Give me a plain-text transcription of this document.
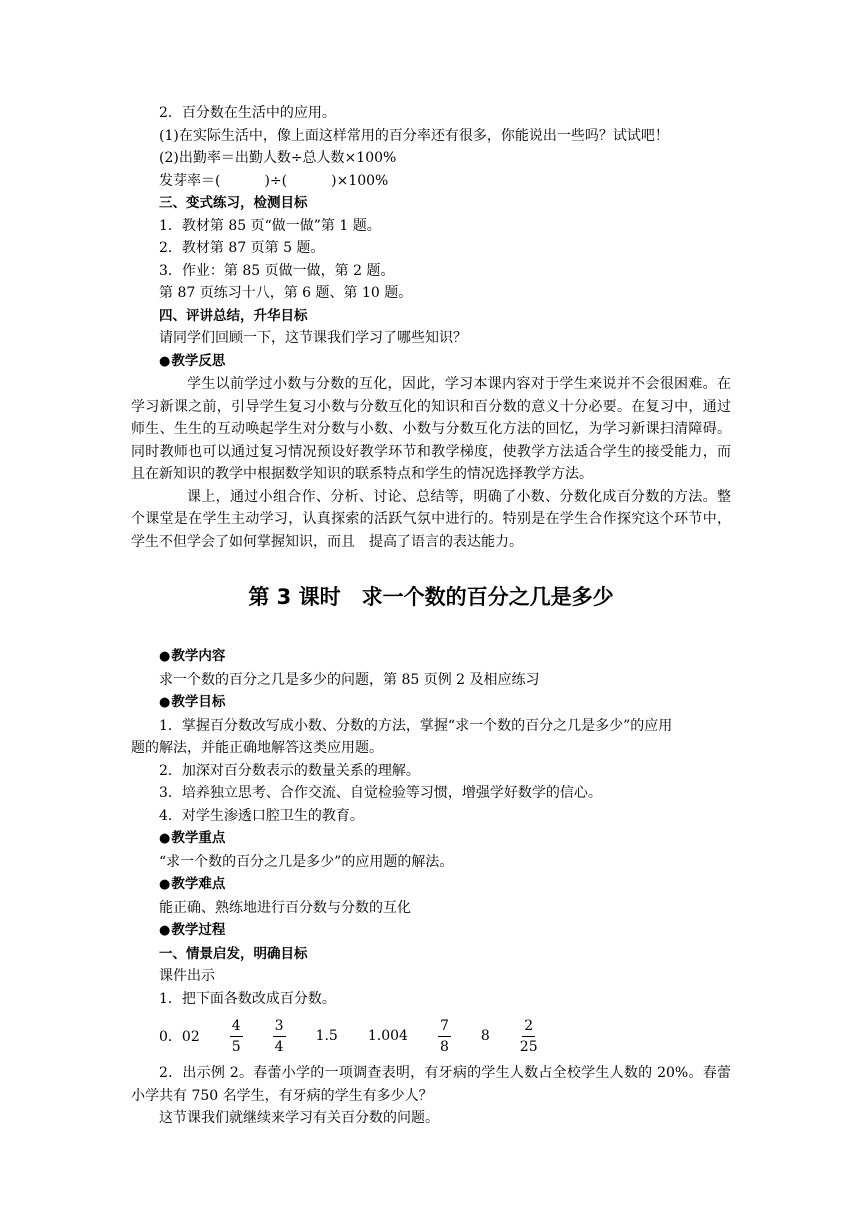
2．百分数在生活中的应用。
(1)在实际生活中，像上面这样常用的百分率还有很多，你能说出一些吗？试试吧！
(2)出勤率＝出勤人数÷总人数×100%
发芽率＝(	)÷(	)×100%
三、变式练习，检测目标
1．教材第 85 页“做一做”第 1 题。
2．教材第 87 页第 5 题。
3．作业：第 85 页做一做，第 2 题。
第 87 页练习十八，第 6 题、第 10 题。
四、评讲总结，升华目标
请同学们回顾一下，这节课我们学习了哪些知识？
●教学反思
学生以前学过小数与分数的互化，因此，学习本课内容对于学生来说并不会很困难。在学习新课之前，引导学生复习小数与分数互化的知识和百分数的意义十分必要。在复习中，通过师生、生生的互动唤起学生对分数与小数、小数与分数互化方法的回忆，为学习新课扫清障碍。同时教师也可以通过复习情况预设好教学环节和教学梯度，使教学方法适合学生的接受能力，而且在新知识的教学中根据数学知识的联系特点和学生的情况选择教学方法。
课上，通过小组合作、分析、讨论、总结等，明确了小数、分数化成百分数的方法。整个课堂是在学生主动学习，认真探索的活跃气氛中进行的。特别是在学生合作探究这个环节中，学生不但学会了如何掌握知识，而且　提高了语言的表达能力。
第 3 课时　求一个数的百分之几是多少
●教学内容
求一个数的百分之几是多少的问题，第 85 页例 2 及相应练习
●教学目标
1．掌握百分数改写成小数、分数的方法，掌握“求一个数的百分之几是多少”的应用
题的解法，并能正确地解答这类应用题。
2．加深对百分数表示的数量关系的理解。
3．培养独立思考、合作交流、自觉检验等习惯，增强学好数学的信心。
4．对学生渗透口腔卫生的教育。
●教学重点
“求一个数的百分之几是多少”的应用题的解法。
●教学难点
能正确、熟练地进行百分数与分数的互化
●教学过程
一、情景启发，明确目标
课件出示
1．把下面各数改成百分数。
0．$02 \frac{4}{5} \frac{3}{4} 1.5$ $1.004 \frac{7}{8} 8 \frac{2}{25}$
2．出示例 2。春蕾小学的一项调查表明，有牙病的学生人数占全校学生人数的 20%。春蕾小学共有 750 名学生，有牙病的学生有多少人？
这节课我们就继续来学习有关百分数的问题。
